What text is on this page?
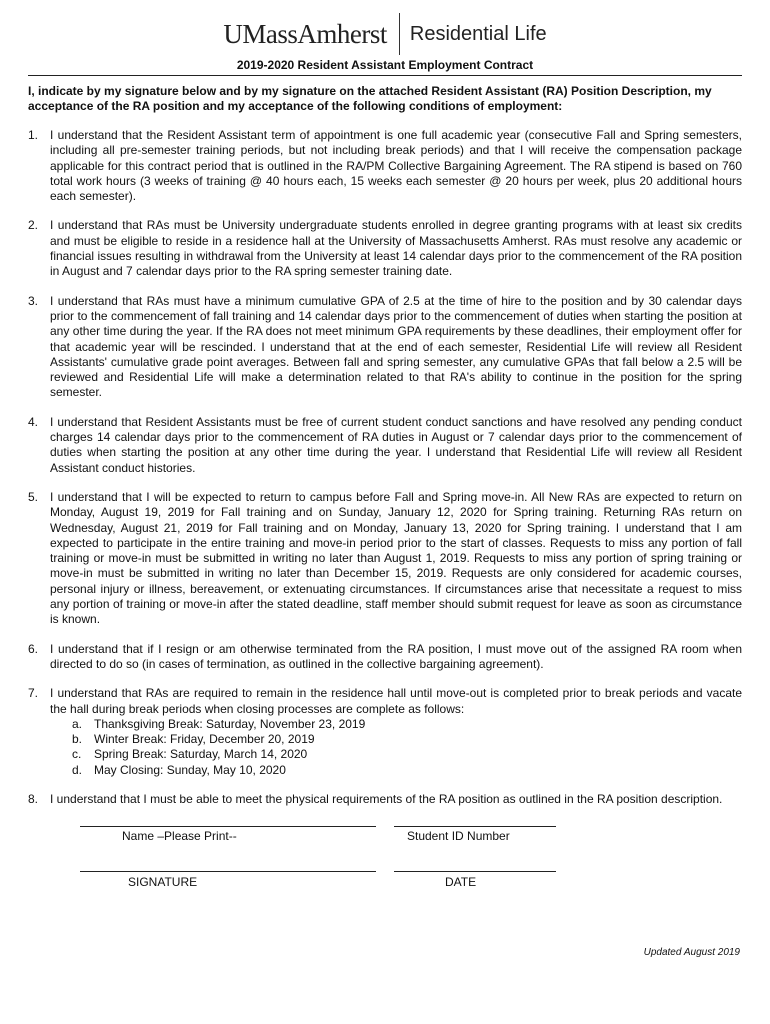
UMassAmherst	Residential Life
2019-2020 Resident Assistant Employment Contract
I, indicate by my signature below and by my signature on the attached Resident Assistant (RA) Position Description, my acceptance of the RA position and my acceptance of the following conditions of employment:
1. I understand that the Resident Assistant term of appointment is one full academic year (consecutive Fall and Spring semesters, including all pre-semester training periods, but not including break periods) and that I will receive the compensation package applicable for this contract period that is outlined in the RA/PM Collective Bargaining Agreement. The RA stipend is based on 760 total work hours (3 weeks of training @ 40 hours each, 15 weeks each semester @ 20 hours per week, plus 20 additional hours each semester).
2. I understand that RAs must be University undergraduate students enrolled in degree granting programs with at least six credits and must be eligible to reside in a residence hall at the University of Massachusetts Amherst. RAs must resolve any academic or financial issues resulting in withdrawal from the University at least 14 calendar days prior to the commencement of the RA position in August and 7 calendar days prior to the RA spring semester training date.
3. I understand that RAs must have a minimum cumulative GPA of 2.5 at the time of hire to the position and by 30 calendar days prior to the commencement of fall training and 14 calendar days prior to the commencement of duties when starting the position at any other time during the year. If the RA does not meet minimum GPA requirements by these deadlines, their employment offer for that academic year will be rescinded. I understand that at the end of each semester, Residential Life will review all Resident Assistants' cumulative grade point averages. Between fall and spring semester, any cumulative GPAs that fall below a 2.5 will be reviewed and Residential Life will make a determination related to that RA's ability to continue in the position for the spring semester.
4. I understand that Resident Assistants must be free of current student conduct sanctions and have resolved any pending conduct charges 14 calendar days prior to the commencement of RA duties in August or 7 calendar days prior to the commencement of duties when starting the position at any other time during the year. I understand that Residential Life will review all Resident Assistant conduct histories.
5. I understand that I will be expected to return to campus before Fall and Spring move-in. All New RAs are expected to return on Monday, August 19, 2019 for Fall training and on Sunday, January 12, 2020 for Spring training. Returning RAs return on Wednesday, August 21, 2019 for Fall training and on Monday, January 13, 2020 for Spring training. I understand that I am expected to participate in the entire training and move-in period prior to the start of classes. Requests to miss any portion of fall training or move-in must be submitted in writing no later than August 1, 2019. Requests to miss any portion of spring training or move-in must be submitted in writing no later than December 15, 2019. Requests are only considered for academic courses, personal injury or illness, bereavement, or extenuating circumstances. If circumstances arise that necessitate a request to miss any portion of training or move-in after the stated deadline, staff member should submit request for leave as soon as circumstance is known.
6. I understand that if I resign or am otherwise terminated from the RA position, I must move out of the assigned RA room when directed to do so (in cases of termination, as outlined in the collective bargaining agreement).
7. I understand that RAs are required to remain in the residence hall until move-out is completed prior to break periods and vacate the hall during break periods when closing processes are complete as follows:
a. Thanksgiving Break: Saturday, November 23, 2019
b. Winter Break: Friday, December 20, 2019
c.	Spring Break: Saturday, March 14, 2020
d. May Closing: Sunday, May 10, 2020
8. I understand that I must be able to meet the physical requirements of the RA position as outlined in the RA position description.
Name –Please Print--	Student ID Number
SIGNATURE	DATE
Updated August 2019
